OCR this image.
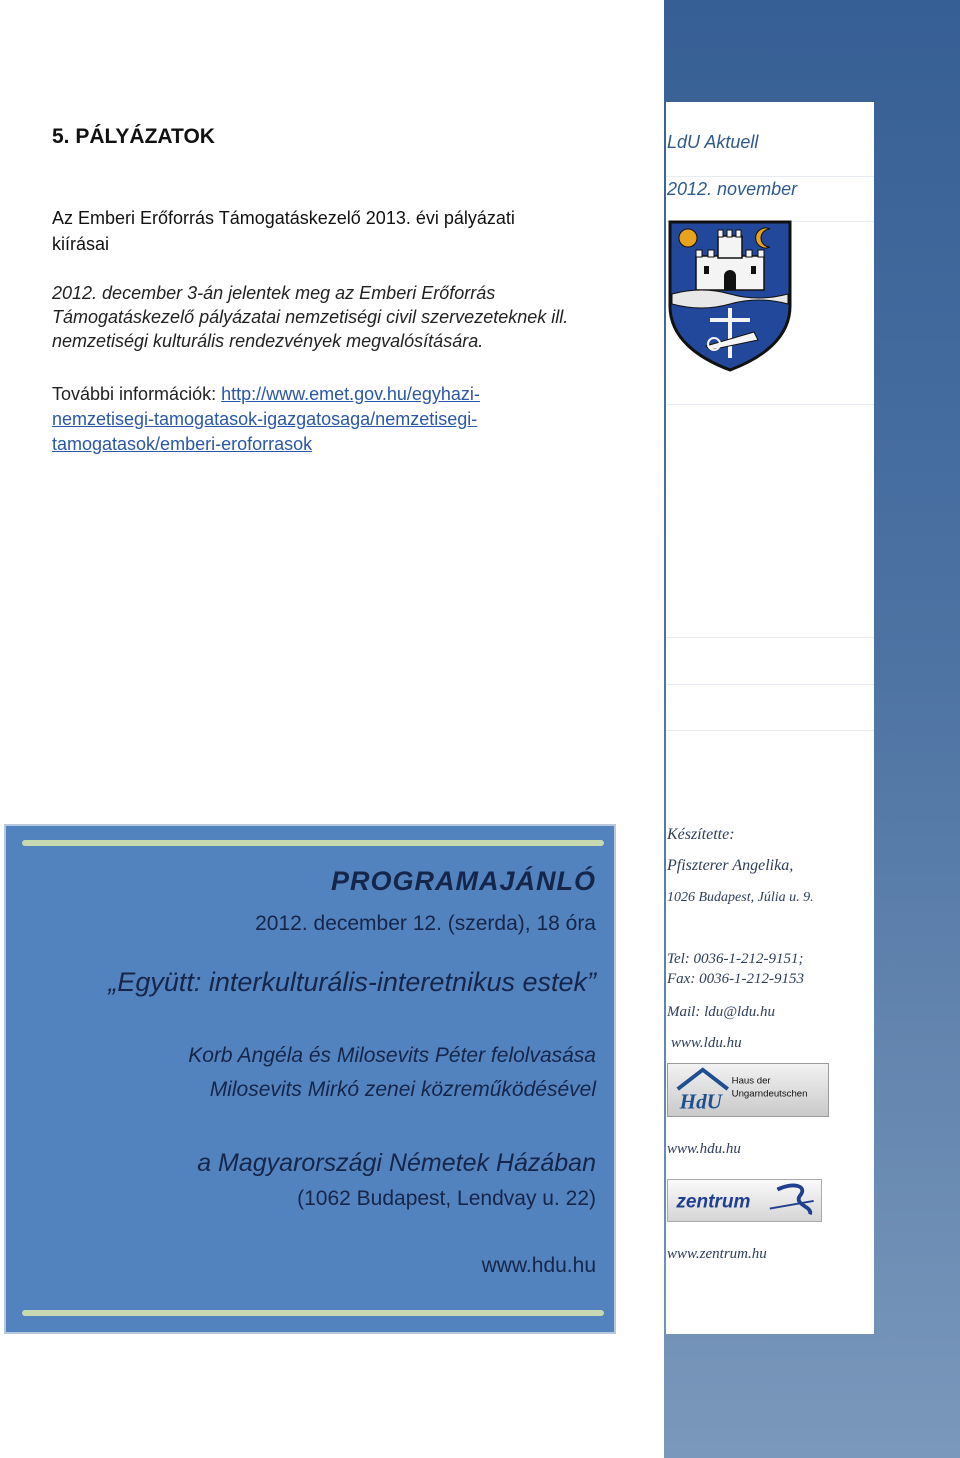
LdU Aktuell
2012. november
5. PÁLYÁZATOK
Az Emberi Erőforrás Támogatáskezelő 2013. évi pályázati kiírásai
2012. december 3-án jelentek meg az Emberi Erőforrás Támogatáskezelő pályázatai nemzetiségi civil szervezeteknek ill. nemzetiségi kulturális rendezvények megvalósítására.
További információk: http://www.emet.gov.hu/egyhazi-nemzetisegi-tamogatasok-igazgatosaga/nemzetisegi-tamogatasok/emberi-eroforrasok
PROGRAMAJÁNLÓ
2012. december 12. (szerda), 18 óra
„Együtt: interkulturális-interetnikus estek”
Korb Angéla és Milosevits Péter felolvasása
Milosevits Mirkó zenei közreműködésével
a Magyarországi Németek Házában
(1062 Budapest, Lendvay u. 22)
www.hdu.hu
Készítette:
Pfiszterer Angelika,
1026 Budapest, Júlia u. 9.
Tel: 0036-1-212-9151;
Fax: 0036-1-212-9153
Mail: ldu@ldu.hu
www.ldu.hu
HdU
Haus der
Ungarndeutschen
www.hdu.hu
zentrum
www.zentrum.hu
